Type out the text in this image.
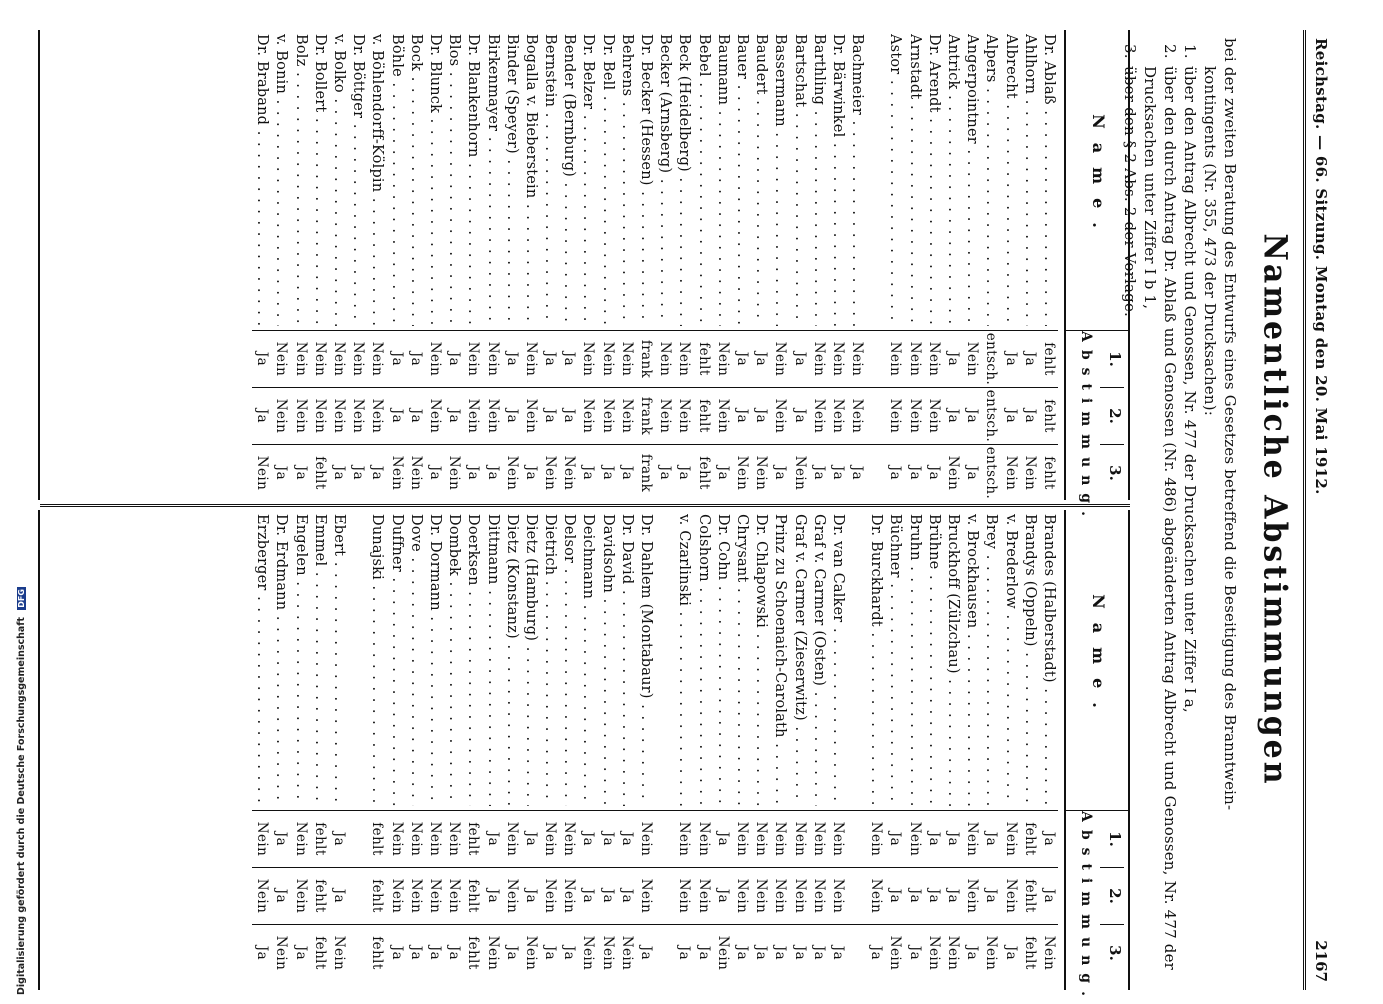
Reichstag. — 66. Sitzung. Montag den 20. Mai 1912.
2167
Namentliche Abstimmungen
bei der zweiten Beratung des Entwurfs eines Gesetzes betreffend die Beseitigung des Branntwein-
kontingents (Nr. 355, 473 der Drucksachen):
1.
über den Antrag Albrecht und Genossen, Nr. 477 der Drucksachen unter Ziffer I a,
2.
über den durch Antrag Dr. Ablaß und Genossen (Nr. 486) abgeänderten Antrag Albrecht und Genossen, Nr. 477 der Drucksachen unter Ziffer I b 1,
3.
über den § 2 Abs. 2 der Vorlage.
Name.
1.
2.
3.
Abstimmung.
Dr. Ablaß . . .
fehlt
fehlt
fehlt
Ahlhorn . . .
Ja
Ja
Nein
Albrecht . . .
Ja
Ja
Nein
Alpers . . .
entsch.
entsch.
entsch.
Angerpointner . . .
Nein
Ja
Ja
Antrick . . .
Ja
Ja
Nein
Dr. Arendt . . .
Nein
Nein
Ja
Arnstadt . . .
Nein
Nein
Ja
Astor . . .
Nein
Nein
Ja
Bachmeier . . .
Nein
Nein
Ja
Dr. Bärwinkel . . .
Nein
Nein
Ja
Barthling . . .
Nein
Nein
Ja
Bartschat . . .
Ja
Ja
Nein
Bassermann . . .
Nein
Nein
Ja
Baudert . . .
Ja
Ja
Nein
Bauer . . .
Ja
Ja
Nein
Baumann . . .
Nein
Nein
Ja
Bebel . . .
fehlt
fehlt
fehlt
Beck (Heidelberg) . . .
Nein
Nein
Ja
Becker (Arnsberg) . . .
Nein
Nein
Ja
Dr. Becker (Hessen) . . .
frank
frank
frank
Behrens . . .
Nein
Nein
Ja
Dr. Bell . . .
Nein
Nein
Ja
Dr. Belzer . . .
Nein
Nein
Ja
Bender (Bernburg) . . .
Ja
Ja
Nein
Bernstein . . .
Ja
Ja
Nein
Bogalla v. Bieberstein . . .
Nein
Nein
Ja
Binder (Speyer) . . .
Ja
Ja
Nein
Birkenmayer . . .
Nein
Nein
Ja
Dr. Blankenhorn . . .
Nein
Nein
Ja
Blos . . .
Ja
Ja
Nein
Dr. Blunck . . .
Nein
Nein
Ja
Bock . . .
Ja
Ja
Nein
Böhle . . .
Ja
Ja
Nein
v. Böhlendorff-Kölpin . . .
Nein
Nein
Ja
Dr. Böttger . . .
Nein
Nein
Ja
v. Bolko . . .
Nein
Nein
Ja
Dr. Bollert . . .
Nein
Nein
fehlt
Bolz . . .
Nein
Nein
Ja
v. Bonin . . .
Nein
Nein
Ja
Dr. Braband . . .
Ja
Ja
Nein
Name.
1.
2.
3.
Abstimmung.
Brandes (Halberstadt) . . .
Ja
Ja
Nein
Brandys (Oppeln) . . .
fehlt
fehlt
fehlt
v. Brederlow . . .
Nein
Nein
Ja
Brey . . .
Ja
Ja
Nein
v. Brockhausen . . .
Nein
Nein
Ja
Bruckhoff (Zülzchau) . . .
Ja
Ja
Nein
Brühne . . .
Ja
Ja
Nein
Bruhn . . .
Nein
Ja
Ja
Büchner . . .
Ja
Ja
Nein
Dr. Burckhardt . . .
Nein
Nein
Ja
Dr. van Calker . . .
Nein
Nein
Ja
Graf v. Carmer (Osten) . . .
Nein
Nein
Ja
Graf v. Carmer (Zieserwitz) . . .
Nein
Nein
Ja
Prinz zu Schoenaich-Carolath . . .
Nein
Nein
Ja
Dr. Chlapowski . . .
Nein
Nein
Ja
Chrysant . . .
Nein
Nein
Ja
Dr. Cohn . . .
Ja
Ja
Nein
Colshorn . . .
Nein
Nein
Ja
v. Czarlinski . . .
Nein
Nein
Ja
Dr. Dahlem (Montabaur) . . .
Nein
Nein
Ja
Dr. David . . .
Ja
Ja
Nein
Davidsohn . . .
Ja
Ja
Nein
Deichmann . . .
Ja
Ja
Nein
Delsor . . .
Nein
Nein
Ja
Dietrich . . .
Nein
Nein
Ja
Dietz (Hamburg) . . .
Ja
Ja
Nein
Dietz (Konstanz) . . .
Nein
Nein
Ja
Dittmann . . .
Ja
Ja
Nein
Doerksen . . .
fehlt
fehlt
fehlt
Dombek . . .
Nein
Nein
Ja
Dr. Dormann . . .
Nein
Nein
Ja
Dove . . .
Nein
Nein
Ja
Duffner . . .
Nein
Nein
Ja
Dunajski . . .
fehlt
fehlt
fehlt
Ebert . . .
Ja
Ja
Nein
Emmel . . .
fehlt
fehlt
fehlt
Engelen . . .
Nein
Nein
Ja
Dr. Erdmann . . .
Ja
Ja
Nein
Erzberger . . .
Nein
Nein
Ja
Digitalisierung gefördert durch die Deutsche Forschungsgemeinschaft DFG
